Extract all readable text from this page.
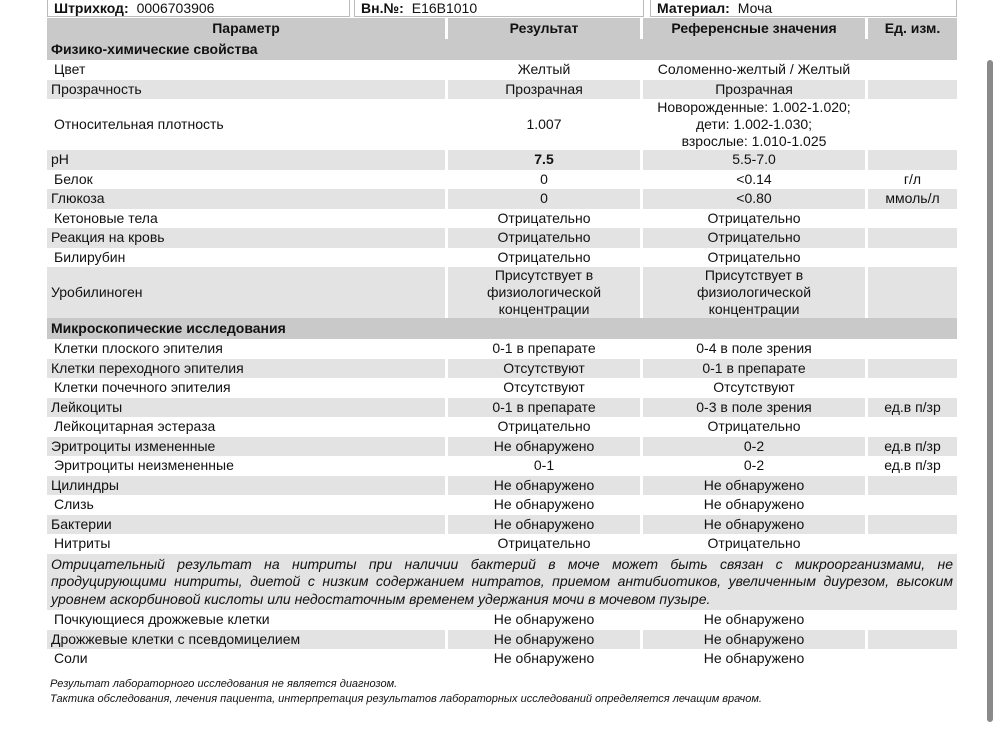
Штрихкод: 0006703906	Вн.№: E16B1010	Материал: Моча
Параметр	Результат	Референсные значения	Ед. изм.
Физико-химические свойства			
Цвет	Желтый	Соломенно-желтый / Желтый	
Прозрачность	Прозрачная	Прозрачная	
Относительная плотность	1.007	Новорожденные: 1.002-1.020;
дети: 1.002-1.030;
взрослые: 1.010-1.025	
pH	7.5	5.5-7.0	
Белок	0	<0.14	г/л
Глюкоза	0	<0.80	ммоль/л
Кетоновые тела	Отрицательно	Отрицательно	
Реакция на кровь	Отрицательно	Отрицательно	
Билирубин	Отрицательно	Отрицательно	
Уробилиноген	Присутствует в
физиологической
концентрации	Присутствует в
физиологической
концентрации	
Микроскопические исследования			
Клетки плоского эпителия	0-1 в препарате	0-4 в поле зрения	
Клетки переходного эпителия	Отсутствуют	0-1 в препарате	
Клетки почечного эпителия	Отсутствуют	Отсутствуют	
Лейкоциты	0-1 в препарате	0-3 в поле зрения	ед.в п/зр
Лейкоцитарная эстераза	Отрицательно	Отрицательно	
Эритроциты измененные	Не обнаружено	0-2	ед.в п/зр
Эритроциты неизмененные	0-1	0-2	ед.в п/зр
Цилиндры	Не обнаружено	Не обнаружено	
Слизь	Не обнаружено	Не обнаружено	
Бактерии	Не обнаружено	Не обнаружено	
Нитриты	Отрицательно	Отрицательно	
Отрицательный результат на нитриты при наличии бактерий в моче может быть связан с микроорганизмами, не продуцирующими нитриты, диетой с низким содержанием нитратов, приемом антибиотиков, увеличенным диурезом, высоким уровнем аскорбиновой кислоты или недостаточным временем удержания мочи в мочевом пузыре.			
Почкующиеся дрожжевые клетки	Не обнаружено	Не обнаружено	
Дрожжевые клетки с псевдомицелием	Не обнаружено	Не обнаружено	
Соли	Не обнаружено	Не обнаружено	
Результат лабораторного исследования не является диагнозом.
Тактика обследования, лечения пациента, интерпретация результатов лабораторных исследований определяется лечащим врачом.
